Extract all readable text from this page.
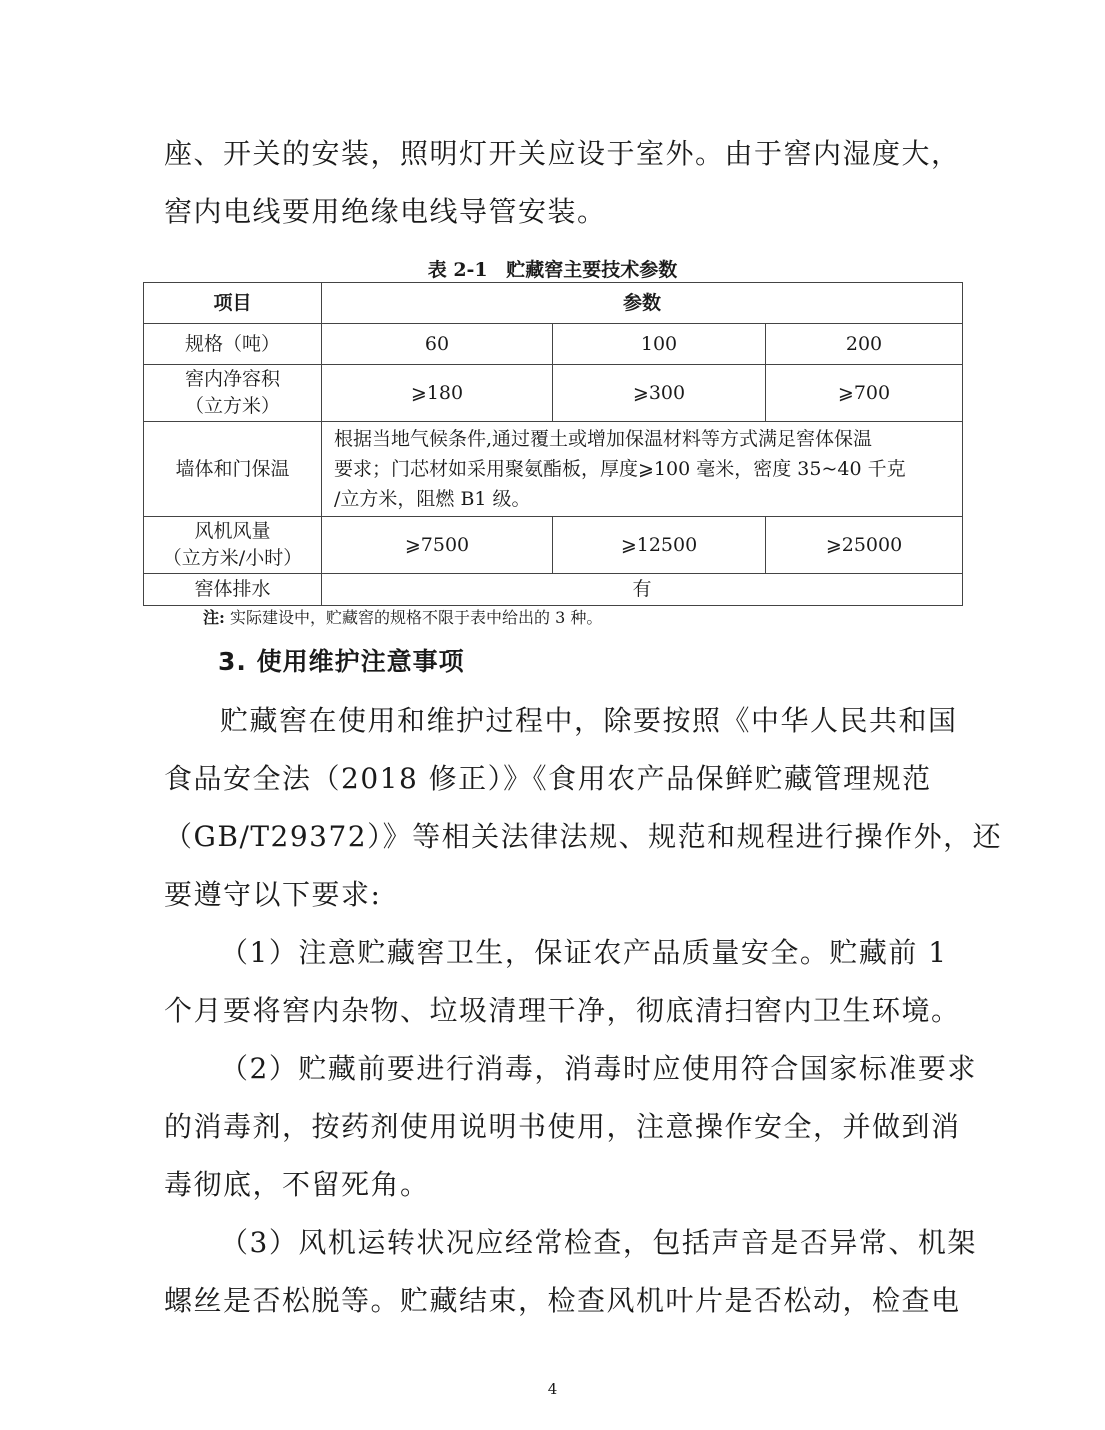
座、开关的安装，照明灯开关应设于室外。由于窖内湿度大，
窖内电线要用绝缘电线导管安装。

表 2-1 贮藏窖主要技术参数
项目	参数		
规格（吨）	60	100	200

窖内净容积
（立方米）	⩾180	⩾300	⩾700
墙体和门保温	根据当地气候条件,通过覆土或增加保温材料等方式满足窖体保温
要求；门芯材如采用聚氨酯板，厚度⩾100 毫米，密度 35~40 千克
/立方米，阻燃 B1 级。		

风机风量
（立方米/小时）	⩾7500	⩾12500	⩾25000
窖体排水	有		
注: 实际建设中，贮藏窖的规格不限于表中给出的 3 种。
3. 使用维护注意事项

贮藏窖在使用和维护过程中，除要按照《中华人民共和国
食品安全法（2018 修正）》《食用农产品保鲜贮藏管理规范
（GB/T29372）》等相关法律法规、规范和规程进行操作外，还
要遵守以下要求:

（1）注意贮藏窖卫生，保证农产品质量安全。贮藏前 1
个月要将窖内杂物、垃圾清理干净，彻底清扫窖内卫生环境。

（2）贮藏前要进行消毒，消毒时应使用符合国家标准要求
的消毒剂，按药剂使用说明书使用，注意操作安全，并做到消
毒彻底，不留死角。

（3）风机运转状况应经常检查，包括声音是否异常、机架
螺丝是否松脱等。贮藏结束，检查风机叶片是否松动，检查电

4
